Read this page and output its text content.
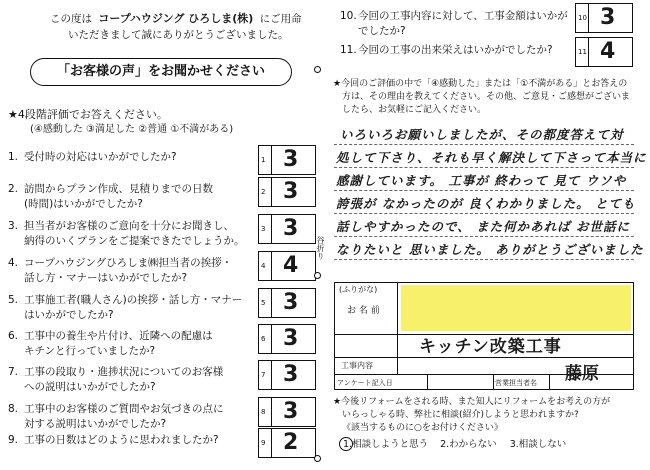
この度は コープハウジング ひろしま(株) にご用命
いただきまして誠にありがとうございました。
「お客様の声」をお聞かせください
★4段階評価でお答えください。
(④感動した ③満足した ②普通 ①不満がある)
1. 受付時の対応はいかがでしたか?	1 3
2. 訪問からプラン作成、見積りまでの日数
(時間)はいかがでしたか?
2 3
3. 担当者がお客様のご意向を十分にお聞きし、
納得のいくプランをご提案できたでしょうか。
3 3
4. コープハウジングひろしま㈱担当者の挨拶・
話し方・マナーはいかがでしたか?
4 4
5. 工事施工者(職人さん)の挨拶・話し方・マナー
はいかがでしたか?
5 3
6. 工事中の養生や片付け、近隣への配慮は
キチンと行っていましたか?
6 3
7. 工事の段取り・進捗状況についてのお客様
への説明はいかがでしたか?
7 3
8. 工事中のお客様のご質問やお気づきの点に
対する説明はいかがでしたか?
8 3
9. 工事の日数はどのように思われましたか?	9 2
谷折り
10. 今回の工事内容に対して、工事金額はいかが
でしたか?
10 3
11. 今回の工事の出来栄えはいかがでしたか?	11 4
★今回のご評価の中で「④感動した」または「①不満がある」とお答えの
方は、その理由を教えてください。その他、ご意見・ご感想がございま
したら、お気軽にご記入ください。
いろいろお願いしましたが、その都度答えて対
処して下さり、それも早く解決して下さって本当に
感謝しています。 工事が 終わって 見て ウソや
誇張が なかったのが 良くわかりました。 とても
話しやすかったので、 また何かあれば お世話に
なりたいと 思いました。 ありがとうございました
(ふりがな)
お 名 前
工事内容
キッチン改築工事
アンケート記入日	営業担当者名 藤原
★今後リフォームをされる時、また知人にリフォームをお考えの方が
いらっしゃる時、弊社に相談(紹介)しようと思われますか?
《該当するものに○をお付けください》
1.相談しようと思う 2.わからない 3.相談しない
